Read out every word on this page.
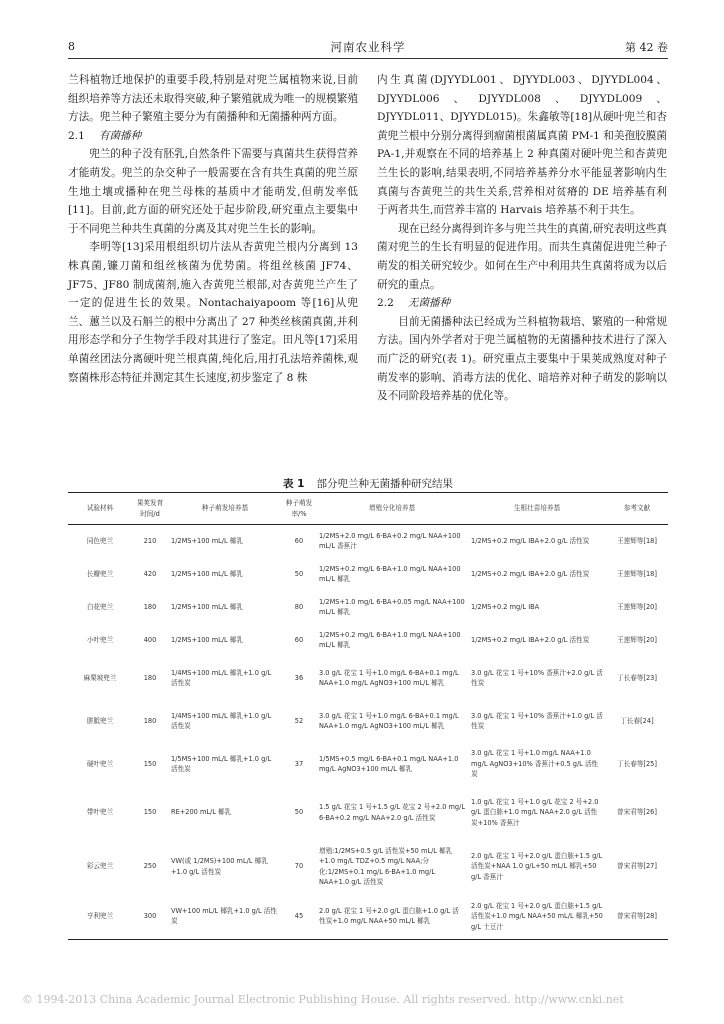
8	河南农业科学	第 42 卷

兰科植物迁地保护的重要手段,特别是对兜兰属植物来说,目前组织培养等方法还未取得突破,种子繁殖就成为唯一的规模繁殖方法。兜兰种子繁殖主要分为有菌播种和无菌播种两方面。

2.1 有菌播种

兜兰的种子没有胚乳,自然条件下需要与真菌共生获得营养才能萌发。兜兰的杂交种子一般需要在含有共生真菌的兜兰原生地土壤或播种在兜兰母株的基质中才能萌发,但萌发率低[11]。目前,此方面的研究还处于起步阶段,研究重点主要集中于不同兜兰种共生真菌的分离及其对兜兰生长的影响。

李明等[13]采用根组织切片法从杏黄兜兰根内分离到 13 株真菌,镰刀菌和组丝核菌为优势菌。将组丝核菌 JF74、JF75、JF80 制成菌剂,施入杏黄兜兰根部,对杏黄兜兰产生了一定的促进生长的效果。Nontachaiyapoom 等[16]从兜兰、蕙兰以及石斛兰的根中分离出了 27 种类丝核菌真菌,并利用形态学和分子生物学手段对其进行了鉴定。田凡等[17]采用单菌丝团法分离硬叶兜兰根真菌,纯化后,用打孔法培养菌株,观察菌株形态特征并测定其生长速度,初步鉴定了 8 株

内生真菌(DJYYDL001、DJYYDL003、DJYYDL004、DJYYDL006、DJYYDL008、DJYYDL009、DJYYDL011、DJYYDL015)。朱鑫敏等[18]从硬叶兜兰和杏黄兜兰根中分别分离得到瘤菌根菌属真菌 PM-1 和美孢胶膜菌 PA-1,并观察在不同的培养基上 2 种真菌对硬叶兜兰和杏黄兜兰生长的影响,结果表明,不同培养基养分水平能显著影响内生真菌与杏黄兜兰的共生关系,营养相对贫瘠的 DE 培养基有利于两者共生,而营养丰富的 Harvais 培养基不利于共生。

现在已经分离得到许多与兜兰共生的真菌,研究表明这些真菌对兜兰的生长有明显的促进作用。而共生真菌促进兜兰种子萌发的相关研究较少。如何在生产中利用共生真菌将成为以后研究的重点。

2.2 无菌播种

目前无菌播种法已经成为兰科植物栽培、繁殖的一种常规方法。国内外学者对于兜兰属植物的无菌播种技术进行了深入而广泛的研究(表 1)。研究重点主要集中于果荚成熟度对种子萌发率的影响、消毒方法的优化、暗培养对种子萌发的影响以及不同阶段培养基的优化等。

表 1 部分兜兰种无菌播种研究结果
试验材料	果荚发育时间/d	种子萌发培养基	种子萌发率/%	增殖分化培养基	生根壮苗培养基	参考文献
同色兜兰	210	1/2MS+100 mL/L 椰乳	60	1/2MS+2.0 mg/L 6-BA+0.2 mg/L NAA+100 mL/L 香蕉汁	1/2MS+0.2 mg/L IBA+2.0 g/L 活性炭	王莲辉等[18]
长瓣兜兰	420	1/2MS+100 mL/L 椰乳	50	1/2MS+0.2 mg/L 6-BA+1.0 mg/L NAA+100 mL/L 椰乳	1/2MS+0.2 mg/L IBA+2.0 g/L 活性炭	王莲辉等[18]
白花兜兰	180	1/2MS+100 mL/L 椰乳	80	1/2MS+1.0 mg/L 6-BA+0.05 mg/L NAA+100 mL/L 椰乳	1/2MS+0.2 mg/L IBA	王莲辉等[20]
小叶兜兰	400	1/2MS+100 mL/L 椰乳	60	1/2MS+0.2 mg/L 6-BA+1.0 mg/L NAA+100 mL/L 椰乳	1/2MS+0.2 mg/L IBA+2.0 g/L 活性炭	王莲辉等[20]
麻栗坡兜兰	180	1/4MS+100 mL/L 椰乳+1.0 g/L 活性炭	36	3.0 g/L 花宝 1 号+1.0 mg/L 6-BA+0.1 mg/L NAA+1.0 mg/L AgNO3+100 mL/L 椰乳	3.0 g/L 花宝 1 号+10% 香蕉汁+2.0 g/L 活性炭	丁长春等[23]
胼胝兜兰	180	1/4MS+100 mL/L 椰乳+1.0 g/L 活性炭	52	3.0 g/L 花宝 1 号+1.0 mg/L 6-BA+0.1 mg/L NAA+1.0 mg/L AgNO3+100 mL/L 椰乳	3.0 g/L 花宝 1 号+10% 香蕉汁+1.0 g/L 活性炭	丁长春[24]
硬叶兜兰	150	1/5MS+100 mL/L 椰乳+1.0 g/L 活性炭	37	1/5MS+0.5 mg/L 6-BA+0.1 mg/L NAA+1.0 mg/L AgNO3+100 mL/L 椰乳	3.0 g/L 花宝 1 号+1.0 mg/L NAA+1.0 mg/L AgNO3+10% 香蕉汁+0.5 g/L 活性炭	丁长春等[25]
带叶兜兰	150	RE+200 mL/L 椰乳	50	1.5 g/L 花宝 1 号+1.5 g/L 花宝 2 号+2.0 mg/L 6-BA+0.2 mg/L NAA+2.0 g/L 活性炭	1.0 g/L 花宝 1 号+1.0 g/L 花宝 2 号+2.0 g/L 蛋白胨+1.0 mg/L NAA+2.0 g/L 活性炭+10% 香蕉汁	曾宋君等[26]
彩云兜兰	250	VW(或 1/2MS)+100 mL/L 椰乳+1.0 g/L 活性炭	70	增殖:1/2MS+0.5 g/L 活性炭+50 mL/L 椰乳+1.0 mg/L TDZ+0.5 mg/L NAA;分化:1/2MS+0.1 mg/L 6-BA+1.0 mg/L NAA+1.0 g/L 活性炭	2.0 g/L 花宝 1 号+2.0 g/L 蛋白胨+1.5 g/L 活性炭+NAA 1.0 g/L+50 mL/L 椰乳+50 g/L 香蕉汁	曾宋君等[27]
亨利兜兰	300	VW+100 mL/L 椰乳+1.0 g/L 活性炭	45	2.0 g/L 花宝 1 号+2.0 g/L 蛋白胨+1.0 g/L 活性炭+1.0 mg/L NAA+50 mL/L 椰乳	2.0 g/L 花宝 1 号+2.0 g/L 蛋白胨+1.5 g/L 活性炭+1.0 mg/L NAA+50 mL/L 椰乳+50 g/L 土豆汁	曾宋君等[28]
© 1994-2013 China Academic Journal Electronic Publishing House. All rights reserved. http://www.cnki.net
